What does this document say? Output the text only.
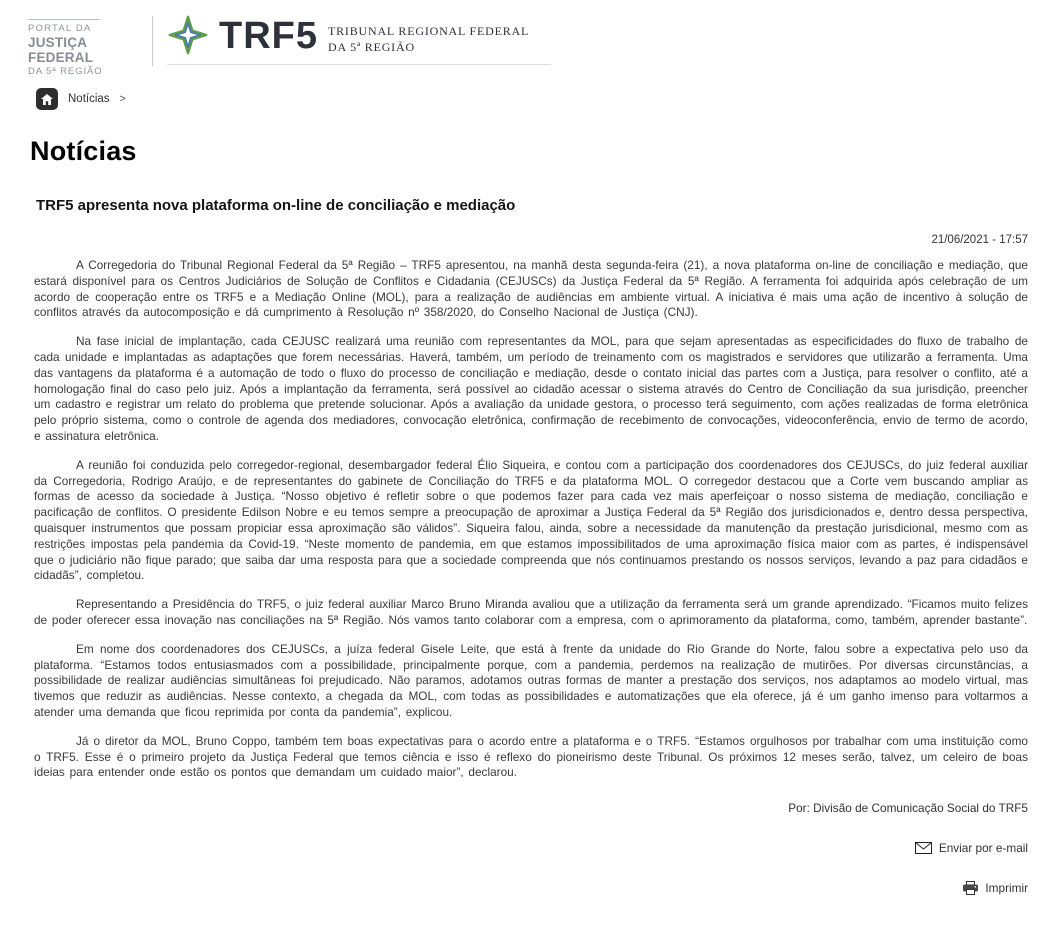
PORTAL DA
JUSTIÇA FEDERAL
DA 5ª REGIÃO
TRF5 TRIBUNAL REGIONAL FEDERAL
DA 5ª REGIÃO
Notícias >
Notícias
TRF5 apresenta nova plataforma on-line de conciliação e mediação
21/06/2021 - 17:57

A Corregedoria do Tribunal Regional Federal da 5ª Região – TRF5 apresentou, na manhã desta segunda-feira (21), a nova plataforma on-line de conciliação e mediação, que estará disponível para os Centros Judiciários de Solução de Conflitos e Cidadania (CEJUSCs) da Justiça Federal da 5ª Região. A ferramenta foi adquirida após celebração de um acordo de cooperação entre os TRF5 e a Mediação Online (MOL), para a realização de audiências em ambiente virtual. A iniciativa é mais uma ação de incentivo à solução de conflitos através da autocomposição e dá cumprimento à Resolução nº 358/2020, do Conselho Nacional de Justiça (CNJ).

Na fase inicial de implantação, cada CEJUSC realizará uma reunião com representantes da MOL, para que sejam apresentadas as especificidades do fluxo de trabalho de cada unidade e implantadas as adaptações que forem necessárias. Haverá, também, um período de treinamento com os magistrados e servidores que utilizarão a ferramenta. Uma das vantagens da plataforma é a automação de todo o fluxo do processo de conciliação e mediação, desde o contato inicial das partes com a Justiça, para resolver o conflito, até a homologação final do caso pelo juiz. Após a implantação da ferramenta, será possível ao cidadão acessar o sistema através do Centro de Conciliação da sua jurisdição, preencher um cadastro e registrar um relato do problema que pretende solucionar. Após a avaliação da unidade gestora, o processo terá seguimento, com ações realizadas de forma eletrônica pelo próprio sistema, como o controle de agenda dos mediadores, convocação eletrônica, confirmação de recebimento de convocações, videoconferência, envio de termo de acordo, e assinatura eletrônica.

A reunião foi conduzida pelo corregedor-regional, desembargador federal Élio Siqueira, e contou com a participação dos coordenadores dos CEJUSCs, do juiz federal auxiliar da Corregedoria, Rodrigo Araújo, e de representantes do gabinete de Conciliação do TRF5 e da plataforma MOL. O corregedor destacou que a Corte vem buscando ampliar as formas de acesso da sociedade à Justiça. “Nosso objetivo é refletir sobre o que podemos fazer para cada vez mais aperfeiçoar o nosso sistema de mediação, conciliação e pacificação de conflitos. O presidente Edilson Nobre e eu temos sempre a preocupação de aproximar a Justiça Federal da 5ª Região dos jurisdicionados e, dentro dessa perspectiva, quaisquer instrumentos que possam propiciar essa aproximação são válidos”. Siqueira falou, ainda, sobre a necessidade da manutenção da prestação jurisdicional, mesmo com as restrições impostas pela pandemia da Covid-19. “Neste momento de pandemia, em que estamos impossibilitados de uma aproximação física maior com as partes, é indispensável que o judiciário não fique parado; que saiba dar uma resposta para que a sociedade compreenda que nós continuamos prestando os nossos serviços, levando a paz para cidadãos e cidadãs”, completou.

Representando a Presidência do TRF5, o juiz federal auxiliar Marco Bruno Miranda avaliou que a utilização da ferramenta será um grande aprendizado. “Ficamos muito felizes de poder oferecer essa inovação nas conciliações na 5ª Região. Nós vamos tanto colaborar com a empresa, com o aprimoramento da plataforma, como, também, aprender bastante”.

Em nome dos coordenadores dos CEJUSCs, a juíza federal Gisele Leite, que está à frente da unidade do Rio Grande do Norte, falou sobre a expectativa pelo uso da plataforma. “Estamos todos entusiasmados com a possibilidade, principalmente porque, com a pandemia, perdemos na realização de mutirões. Por diversas circunstâncias, a possibilidade de realizar audiências simultâneas foi prejudicado. Não paramos, adotamos outras formas de manter a prestação dos serviços, nos adaptamos ao modelo virtual, mas tivemos que reduzir as audiências. Nesse contexto, a chegada da MOL, com todas as possibilidades e automatizações que ela oferece, já é um ganho imenso para voltarmos a atender uma demanda que ficou reprimida por conta da pandemia”, explicou.

Já o diretor da MOL, Bruno Coppo, também tem boas expectativas para o acordo entre a plataforma e o TRF5. “Estamos orgulhosos por trabalhar com uma instituição como o TRF5. Esse é o primeiro projeto da Justiça Federal que temos ciência e isso é reflexo do pioneirismo deste Tribunal. Os próximos 12 meses serão, talvez, um celeiro de boas ideias para entender onde estão os pontos que demandam um cuidado maior”, declarou.

Por: Divisão de Comunicação Social do TRF5
Enviar por e-mail
Imprimir
